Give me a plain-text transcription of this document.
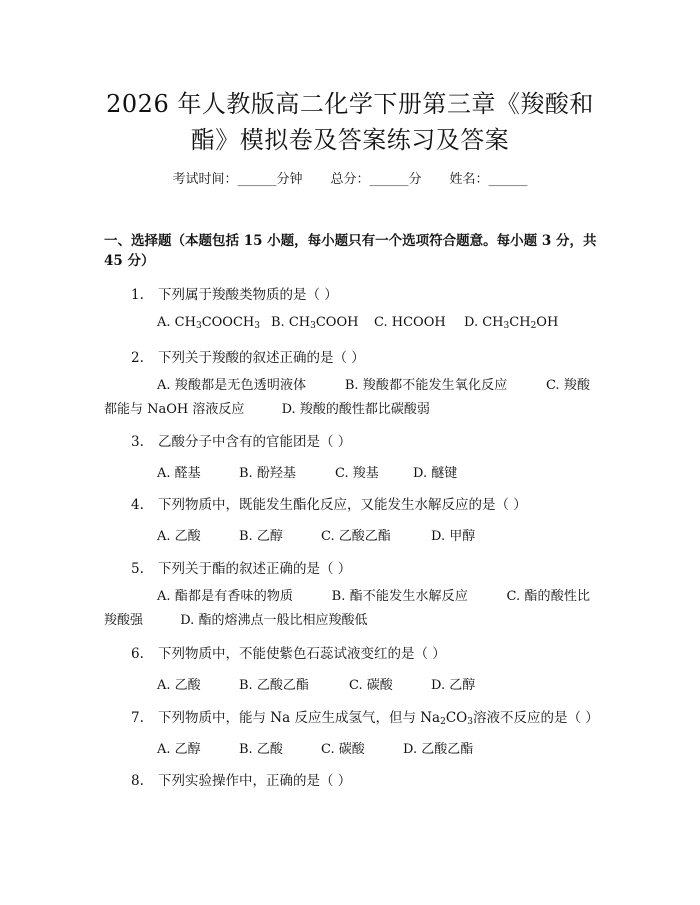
2026 年人教版高二化学下册第三章《羧酸和
酯》模拟卷及答案练习及答案
考试时间：______分钟 总分：______分 姓名：______
一、选择题（本题包括 15 小题，每小题只有一个选项符合题意。每小题 3 分，共
45 分）
1. 下列属于羧酸类物质的是（ ）
A. $CH_3COOCH_3$ B. $CH_3COOH$ C. HCOOH D. $CH_3CH_2OH$
2. 下列关于羧酸的叙述正确的是（ ）
A. 羧酸都是无色透明液体	B. 羧酸都不能发生氧化反应	C. 羧酸都能与 NaOH 溶液反应	D. 羧酸的酸性都比碳酸弱
3. 乙酸分子中含有的官能团是（ ）
A. 醛基	B. 酚羟基	C. 羧基	D. 醚键
4. 下列物质中，既能发生酯化反应，又能发生水解反应的是（ ）
A. 乙酸	B. 乙醇	C. 乙酸乙酯	D. 甲醇
5. 下列关于酯的叙述正确的是（ ）
A. 酯都是有香味的物质	B. 酯不能发生水解反应	C. 酯的酸性比羧酸强	D. 酯的熔沸点一般比相应羧酸低
6. 下列物质中，不能使紫色石蕊试液变红的是（ ）
A. 乙酸	B. 乙酸乙酯	C. 碳酸	D. 乙醇
7. 下列物质中，能与 Na 反应生成氢气，但与 $Na_2CO_3$溶液不反应的是（ ）
A. 乙醇	B. 乙酸	C. 碳酸	D. 乙酸乙酯
8. 下列实验操作中，正确的是（ ）
